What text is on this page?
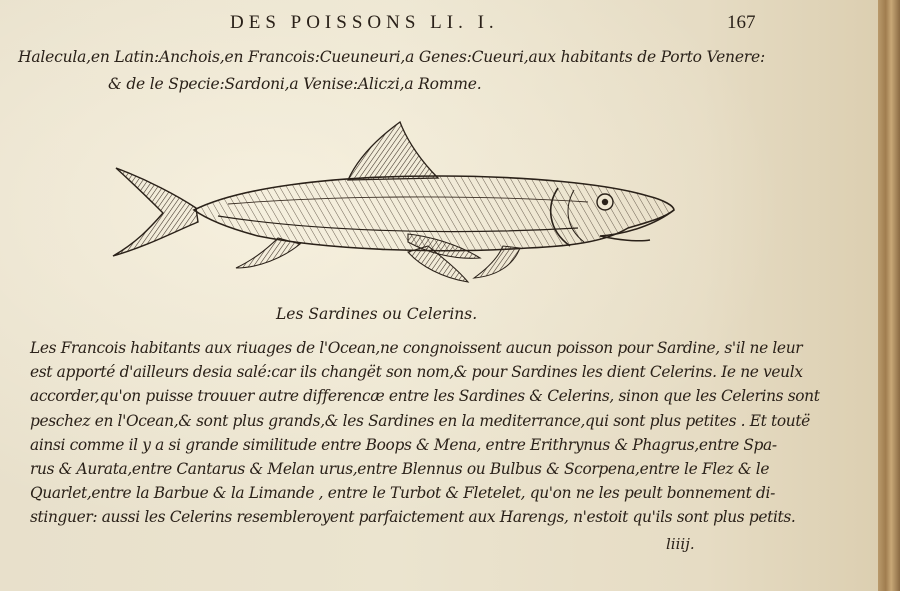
DES POISSONS LI. I.	167
Halecula,en Latin:Anchois,en Francois:Cueuneuri,a Genes:Cueuri,aux habitants de Porto Venere:
& de le Specie:Sardoni,a Venise:Aliczi,a Romme.
Les Sardines ou Celerins.
Les Francois habitants aux riuages de l'Ocean,ne congnoissent aucun poisson pour Sardine, s'il ne leur
est apporté d'ailleurs desia salé:car ils changët son nom,& pour Sardines les dient Celerins. Ie ne veulx
accorder,qu'on puisse trouuer autre differencæ entre les Sardines & Celerins, sinon que les Celerins sont
peschez en l'Ocean,& sont plus grands,& les Sardines en la mediterrance,qui sont plus petites . Et toutë
ainsi comme il y a si grande similitude entre Boops & Mena, entre Erithrynus & Phagrus,entre Spa-
rus & Aurata,entre Cantarus & Melan urus,entre Blennus ou Bulbus & Scorpena,entre le Flez & le
Quarlet,entre la Barbue & la Limande , entre le Turbot & Fletelet, qu'on ne les peult bonnement di-
stinguer: aussi les Celerins resembleroyent parfaictement aux Harengs, n'estoit qu'ils sont plus petits.
liiij.
